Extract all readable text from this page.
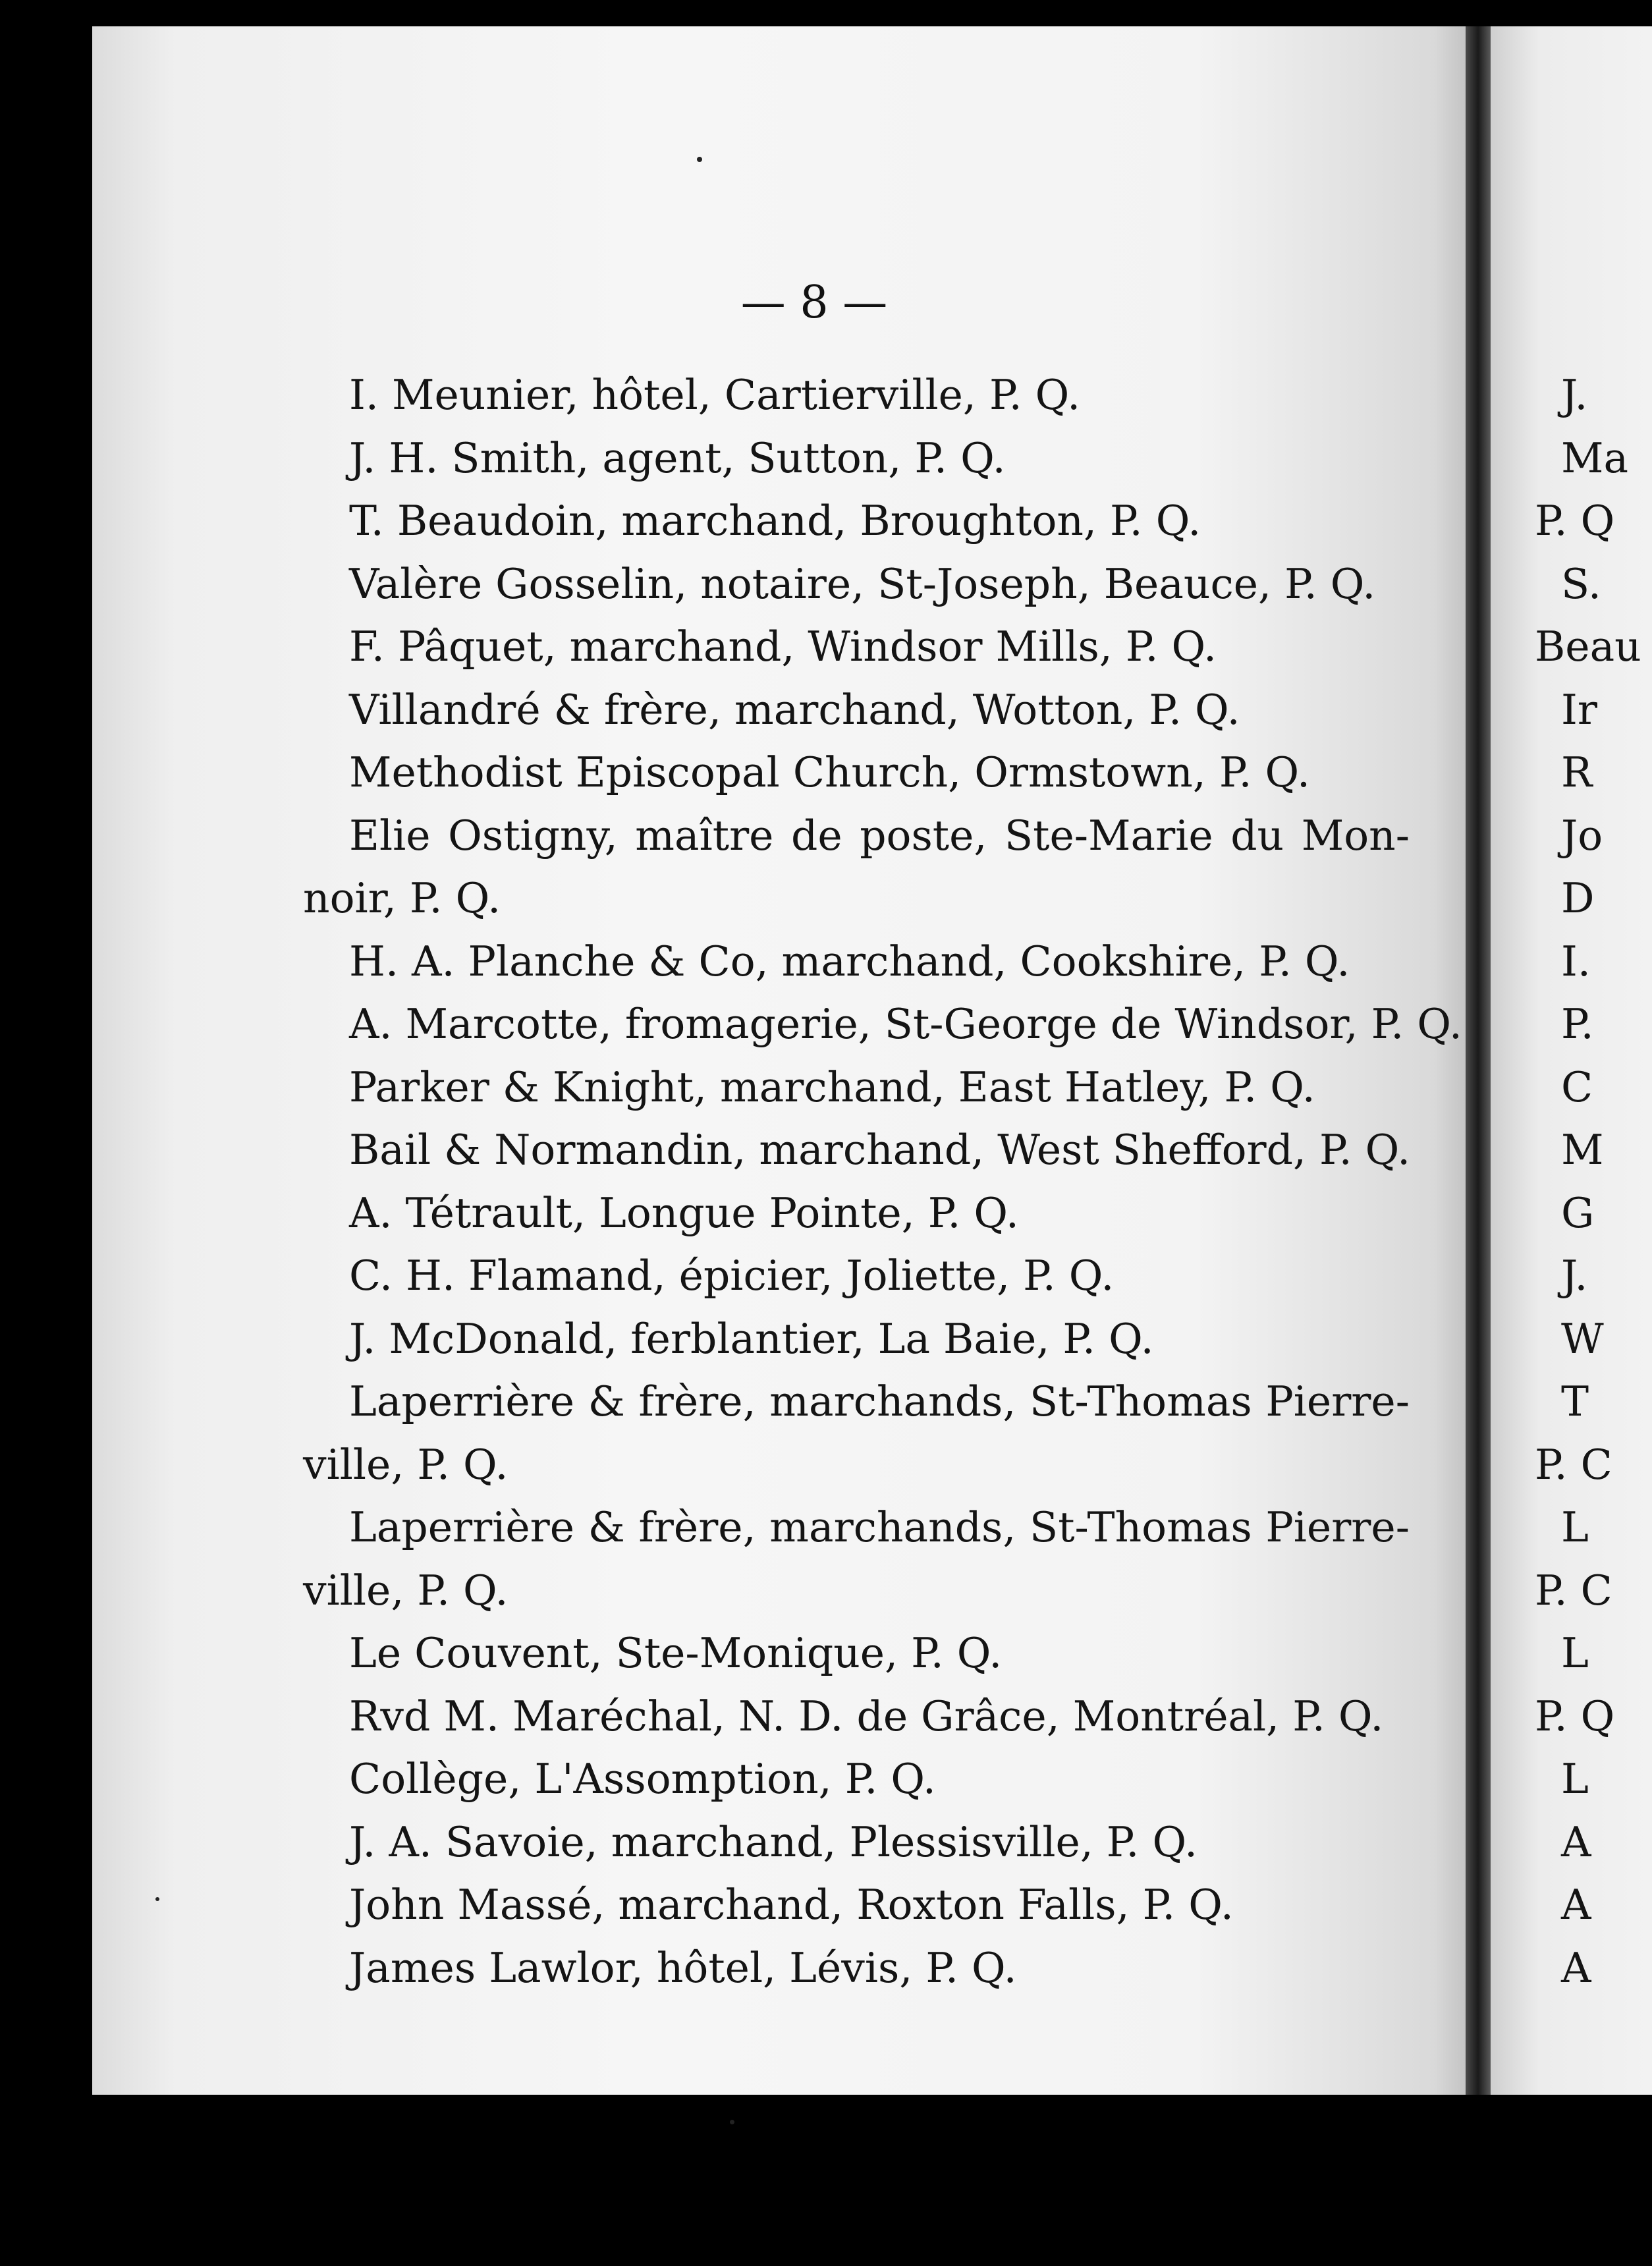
— 8 —
I. Meunier, hôtel, Cartierville, P. Q.
J. H. Smith, agent, Sutton, P. Q.
T. Beaudoin, marchand, Broughton, P. Q.
Valère Gosselin, notaire, St-Joseph, Beauce, P. Q.
F. Pâquet, marchand, Windsor Mills, P. Q.
Villandré & frère, marchand, Wotton, P. Q.
Methodist Episcopal Church, Ormstown, P. Q.
Elie Ostigny, maître de poste, Ste-Marie du Mon-
noir, P. Q.
H. A. Planche & Co, marchand, Cookshire, P. Q.
A. Marcotte, fromagerie, St-George de Windsor, P. Q.
Parker & Knight, marchand, East Hatley, P. Q.
Bail & Normandin, marchand, West Shefford, P. Q.
A. Tétrault, Longue Pointe, P. Q.
C. H. Flamand, épicier, Joliette, P. Q.
J. McDonald, ferblantier, La Baie, P. Q.
Laperrière & frère, marchands, St-Thomas Pierre-
ville, P. Q.
Laperrière & frère, marchands, St-Thomas Pierre-
ville, P. Q.
Le Couvent, Ste-Monique, P. Q.
Rvd M. Maréchal, N. D. de Grâce, Montréal, P. Q.
Collège, L'Assomption, P. Q.
J. A. Savoie, marchand, Plessisville, P. Q.
John Massé, marchand, Roxton Falls, P. Q.
James Lawlor, hôtel, Lévis, P. Q.
J.
Ma
P. Q
S.
Beau
Ir
R
Jo
D
I.
P.
C
M
G
J.
W
T
P. C
L
P. C
L
P. Q
L
A
A
A
